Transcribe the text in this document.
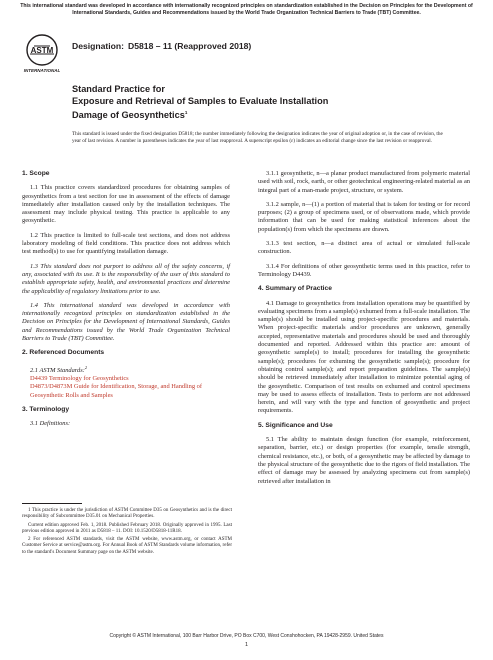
This international standard was developed in accordance with internationally recognized principles on standardization established in the Decision on Principles for the Development of International Standards, Guides and Recommendations issued by the World Trade Organization Technical Barriers to Trade (TBT) Committee.
ASTM
INTERNATIONAL
Designation: D5818 – 11 (Reapproved 2018)
Standard Practice for
Exposure and Retrieval of Samples to Evaluate Installation
Damage of Geosynthetics$^1$
This standard is issued under the fixed designation D5818; the number immediately following the designation indicates the year of original adoption or, in the case of revision, the year of last revision. A number in parentheses indicates the year of last reapproval. A superscript epsilon (ε) indicates an editorial change since the last revision or reapproval.
1. Scope

1.1 This practice covers standardized procedures for obtaining samples of geosynthetics from a test section for use in assessment of the effects of damage immediately after installation caused only by the installation techniques. The assessment may include physical testing. This practice is applicable to any geosynthetic.

1.2 This practice is limited to full-scale test sections, and does not address laboratory modeling of field conditions. This practice does not address which test method(s) to use for quantifying installation damage.

1.3 This standard does not purport to address all of the safety concerns, if any, associated with its use. It is the responsibility of the user of this standard to establish appropriate safety, health, and environmental practices and determine the applicability of regulatory limitations prior to use.

1.4 This international standard was developed in accordance with internationally recognized principles on standardization established in the Decision on Principles for the Development of International Standards, Guides and Recommendations issued by the World Trade Organization Technical Barriers to Trade (TBT) Committee.

2. Referenced Documents

2.1 ASTM Standards:$^2$

D4439 Terminology for Geosynthetics

D4873/D4873M Guide for Identification, Storage, and Handling of Geosynthetic Rolls and Samples

3. Terminology

3.1 Definitions:

1 This practice is under the jurisdiction of ASTM Committee D35 on Geosynthetics and is the direct responsibility of Subcommittee D35.01 on Mechanical Properties.

Current edition approved Feb. 1, 2018. Published February 2018. Originally approved in 1995. Last previous edition approved in 2011 as D5818 – 11. DOI: 10.1520/D5818-11R18.

2 For referenced ASTM standards, visit the ASTM website, www.astm.org, or contact ASTM Customer Service at service@astm.org. For Annual Book of ASTM Standards volume information, refer to the standard's Document Summary page on the ASTM website.

3.1.1 geosynthetic, n—a planar product manufactured from polymeric material used with soil, rock, earth, or other geotechnical engineering-related material as an integral part of a man-made project, structure, or system.

3.1.2 sample, n—(1) a portion of material that is taken for testing or for record purposes; (2) a group of specimens used, or of observations made, which provide information that can be used for making statistical inferences about the population(s) from which the specimens are drawn.

3.1.3 test section, n—a distinct area of actual or simulated full-scale construction.

3.1.4 For definitions of other geosynthetic terms used in this practice, refer to Terminology D4439.

4. Summary of Practice

4.1 Damage to geosynthetics from installation operations may be quantified by evaluating specimens from a sample(s) exhumed from a full-scale installation. The sample(s) should be installed using project-specific procedures and materials. When project-specific materials and/or procedures are unknown, generally accepted, representative materials and procedures should be used and thoroughly documented and reported. Addressed within this practice are: amount of geosynthetic sample(s) to install; procedures for installing the geosynthetic sample(s); procedures for exhuming the geosynthetic sample(s); procedure for obtaining control sample(s); and report preparation guidelines. The sample(s) should be retrieved immediately after installation to minimize potential aging of the geosynthetic. Comparison of test results on exhumed and control specimens may be used to assess effects of installation. Tests to perform are not addressed herein, and will vary with the type and function of geosynthetic and project requirements.

5. Significance and Use

5.1 The ability to maintain design function (for example, reinforcement, separation, barrier, etc.) or design properties (for example, tensile strength, chemical resistance, etc.), or both, of a geosynthetic may be affected by damage to the physical structure of the geosynthetic due to the rigors of field installation. The effect of damage may be assessed by analyzing specimens cut from sample(s) retrieved after installation in

Copyright © ASTM International, 100 Barr Harbor Drive, PO Box C700, West Conshohocken, PA 19428-2959. United States
1
